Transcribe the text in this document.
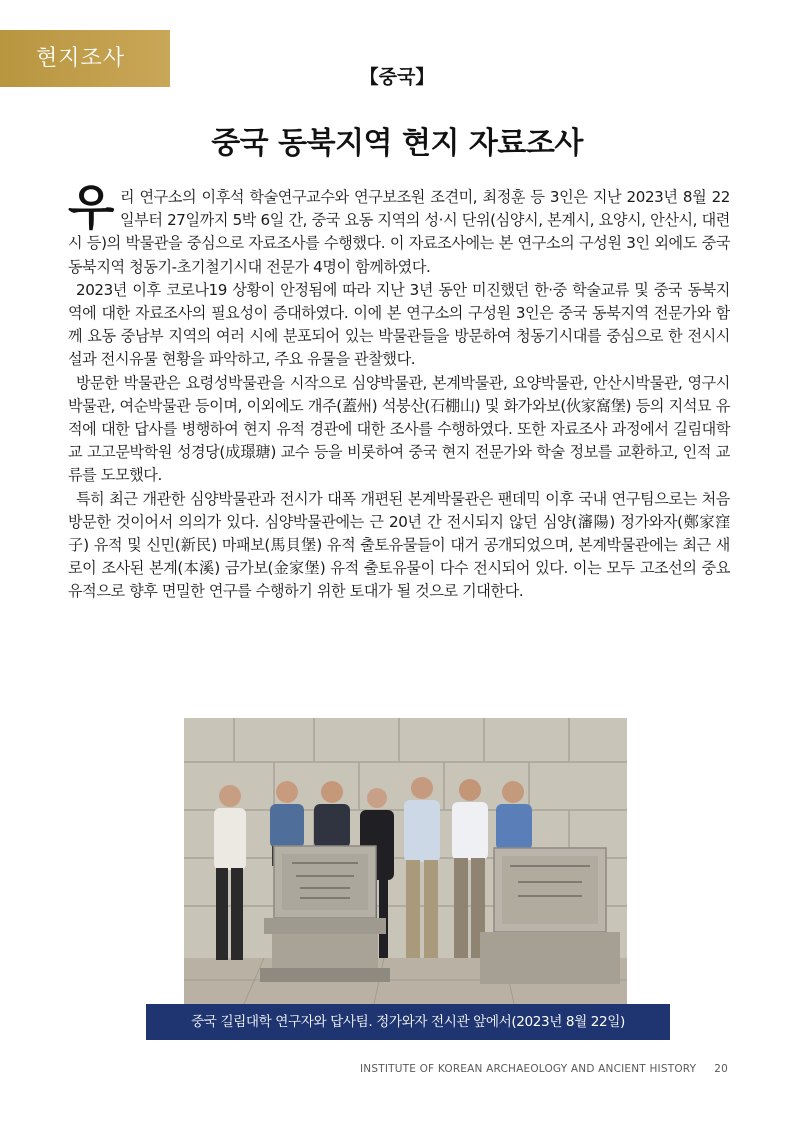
현지조사
【중국】
중국 동북지역 현지 자료조사

우리 연구소의 이후석 학술연구교수와 연구보조원 조견미, 최정훈 등 3인은 지난 2023년 8월 22일부터 27일까지 5박 6일 간, 중국 요동 지역의 성·시 단위(심양시, 본계시, 요양시, 안산시, 대련시 등)의 박물관을 중심으로 자료조사를 수행했다. 이 자료조사에는 본 연구소의 구성원 3인 외에도 중국 동북지역 청동기-초기철기시대 전문가 4명이 함께하였다.

2023년 이후 코로나19 상황이 안정됨에 따라 지난 3년 동안 미진했던 한·중 학술교류 및 중국 동북지역에 대한 자료조사의 필요성이 증대하였다. 이에 본 연구소의 구성원 3인은 중국 동북지역 전문가와 함께 요동 중남부 지역의 여러 시에 분포되어 있는 박물관들을 방문하여 청동기시대를 중심으로 한 전시시설과 전시유물 현황을 파악하고, 주요 유물을 관찰했다.

방문한 박물관은 요령성박물관을 시작으로 심양박물관, 본계박물관, 요양박물관, 안산시박물관, 영구시박물관, 여순박물관 등이며, 이외에도 개주(蓋州) 석붕산(石棚山) 및 화가와보(伙家窩堡) 등의 지석묘 유적에 대한 답사를 병행하여 현지 유적 경관에 대한 조사를 수행하였다. 또한 자료조사 과정에서 길림대학교 고고문박학원 성경당(成璟瑭) 교수 등을 비롯하여 중국 현지 전문가와 학술 정보를 교환하고, 인적 교류를 도모했다.

특히 최근 개관한 심양박물관과 전시가 대폭 개편된 본계박물관은 팬데믹 이후 국내 연구팀으로는 처음 방문한 것이어서 의의가 있다. 심양박물관에는 근 20년 간 전시되지 않던 심양(瀋陽) 정가와자(鄭家窪子) 유적 및 신민(新民) 마패보(馬貝堡) 유적 출토유물들이 대거 공개되었으며, 본계박물관에는 최근 새로이 조사된 본계(本溪) 금가보(金家堡) 유적 출토유물이 다수 전시되어 있다. 이는 모두 고조선의 중요 유적으로 향후 면밀한 연구를 수행하기 위한 토대가 될 것으로 기대한다.

중국 길림대학 연구자와 답사팀. 정가와자 전시관 앞에서(2023년 8월 22일)
INSTITUTE OF KOREAN ARCHAEOLOGY AND ANCIENT HISTORY 20
